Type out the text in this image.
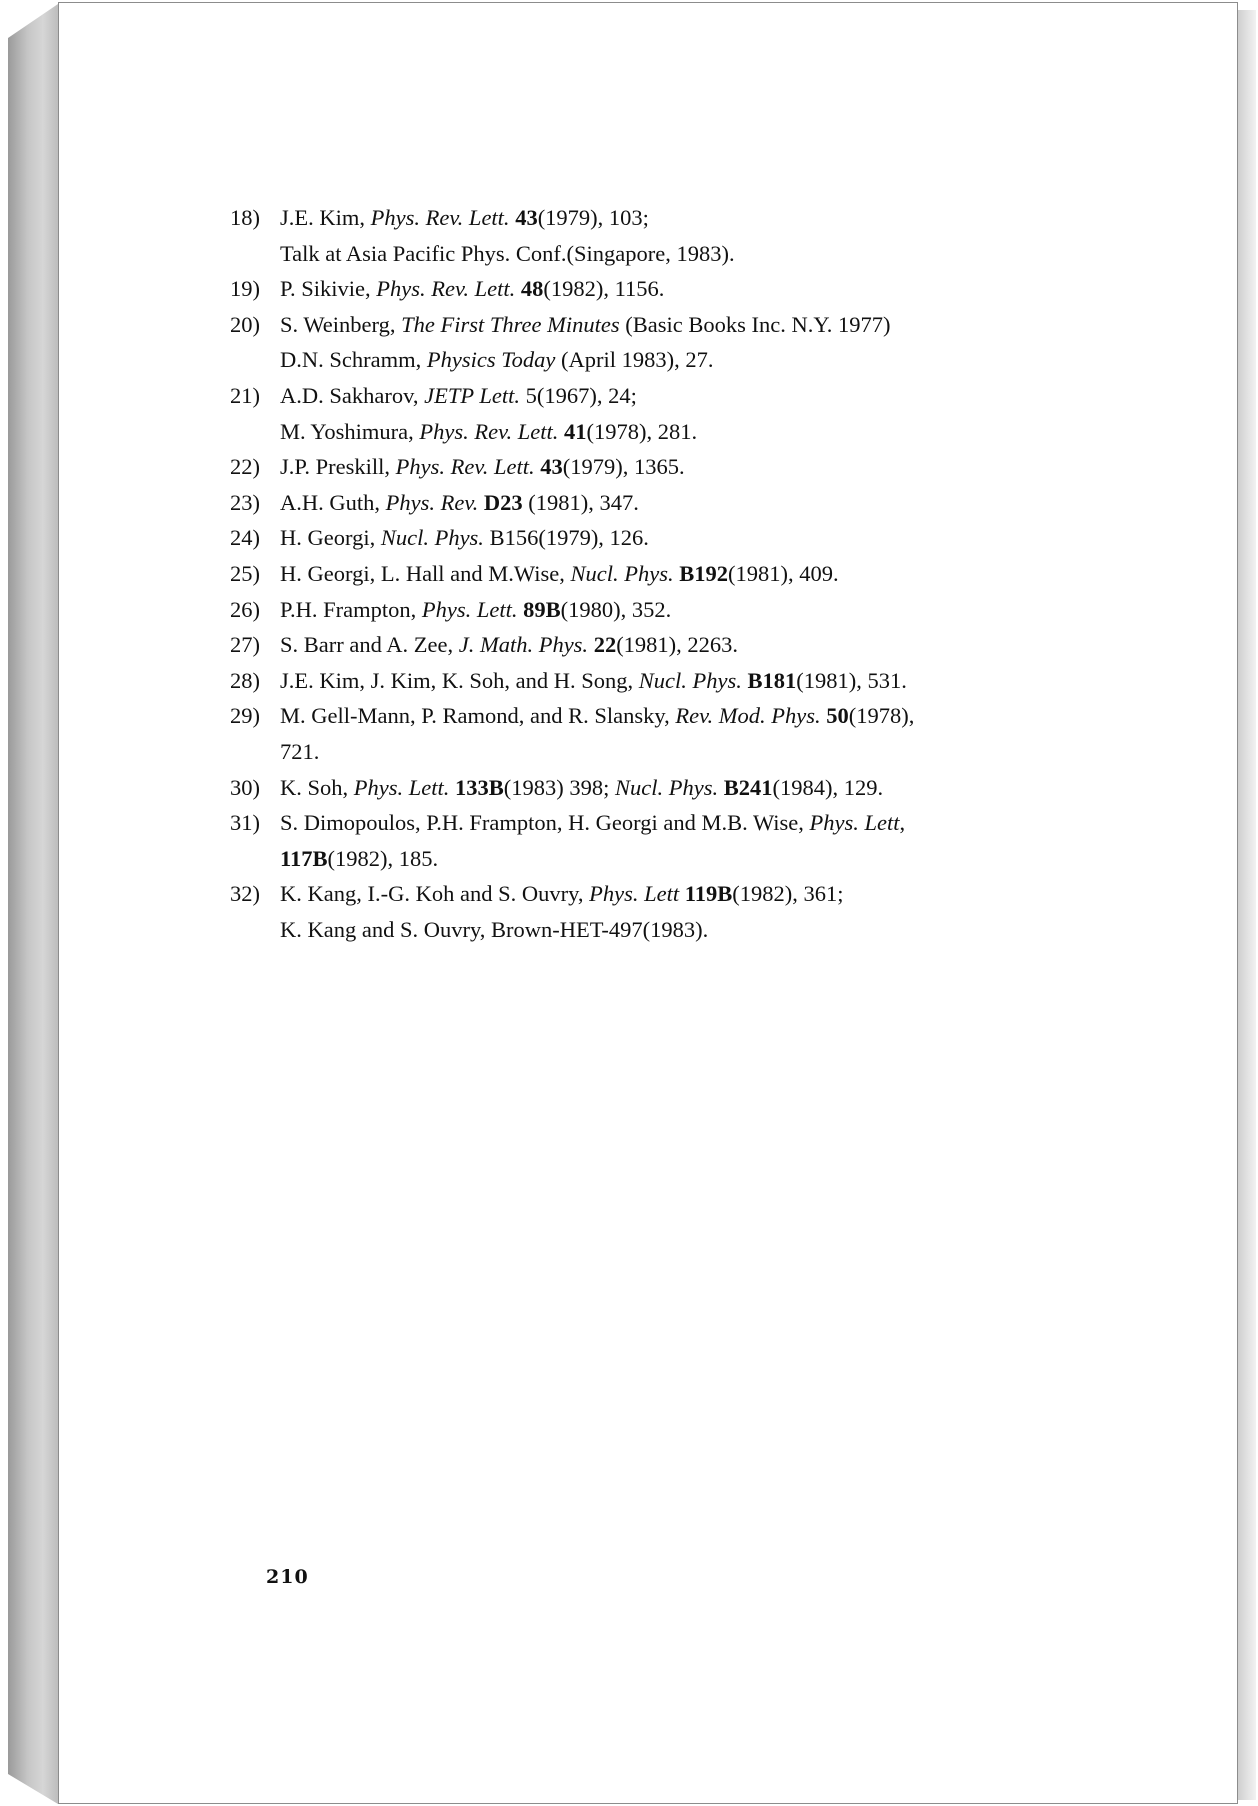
18) J.E. Kim, Phys. Rev. Lett. 43(1979), 103;
Talk at Asia Pacific Phys. Conf.(Singapore, 1983).
19) P. Sikivie, Phys. Rev. Lett. 48(1982), 1156.
20) S. Weinberg, The First Three Minutes (Basic Books Inc. N.Y. 1977)
D.N. Schramm, Physics Today (April 1983), 27.
21) A.D. Sakharov, JETP Lett. 5(1967), 24;
M. Yoshimura, Phys. Rev. Lett. 41(1978), 281.
22) J.P. Preskill, Phys. Rev. Lett. 43(1979), 1365.
23) A.H. Guth, Phys. Rev. D23 (1981), 347.
24) H. Georgi, Nucl. Phys. B156(1979), 126.
25) H. Georgi, L. Hall and M.Wise, Nucl. Phys. B192(1981), 409.
26) P.H. Frampton, Phys. Lett. 89B(1980), 352.
27) S. Barr and A. Zee, J. Math. Phys. 22(1981), 2263.
28) J.E. Kim, J. Kim, K. Soh, and H. Song, Nucl. Phys. B181(1981), 531.
29) M. Gell-Mann, P. Ramond, and R. Slansky, Rev. Mod. Phys. 50(1978),
721.
30) K. Soh, Phys. Lett. 133B(1983) 398; Nucl. Phys. B241(1984), 129.
31) S. Dimopoulos, P.H. Frampton, H. Georgi and M.B. Wise, Phys. Lett,
117B(1982), 185.
32) K. Kang, I.-G. Koh and S. Ouvry, Phys. Lett 119B(1982), 361;
K. Kang and S. Ouvry, Brown-HET-497(1983).
210
